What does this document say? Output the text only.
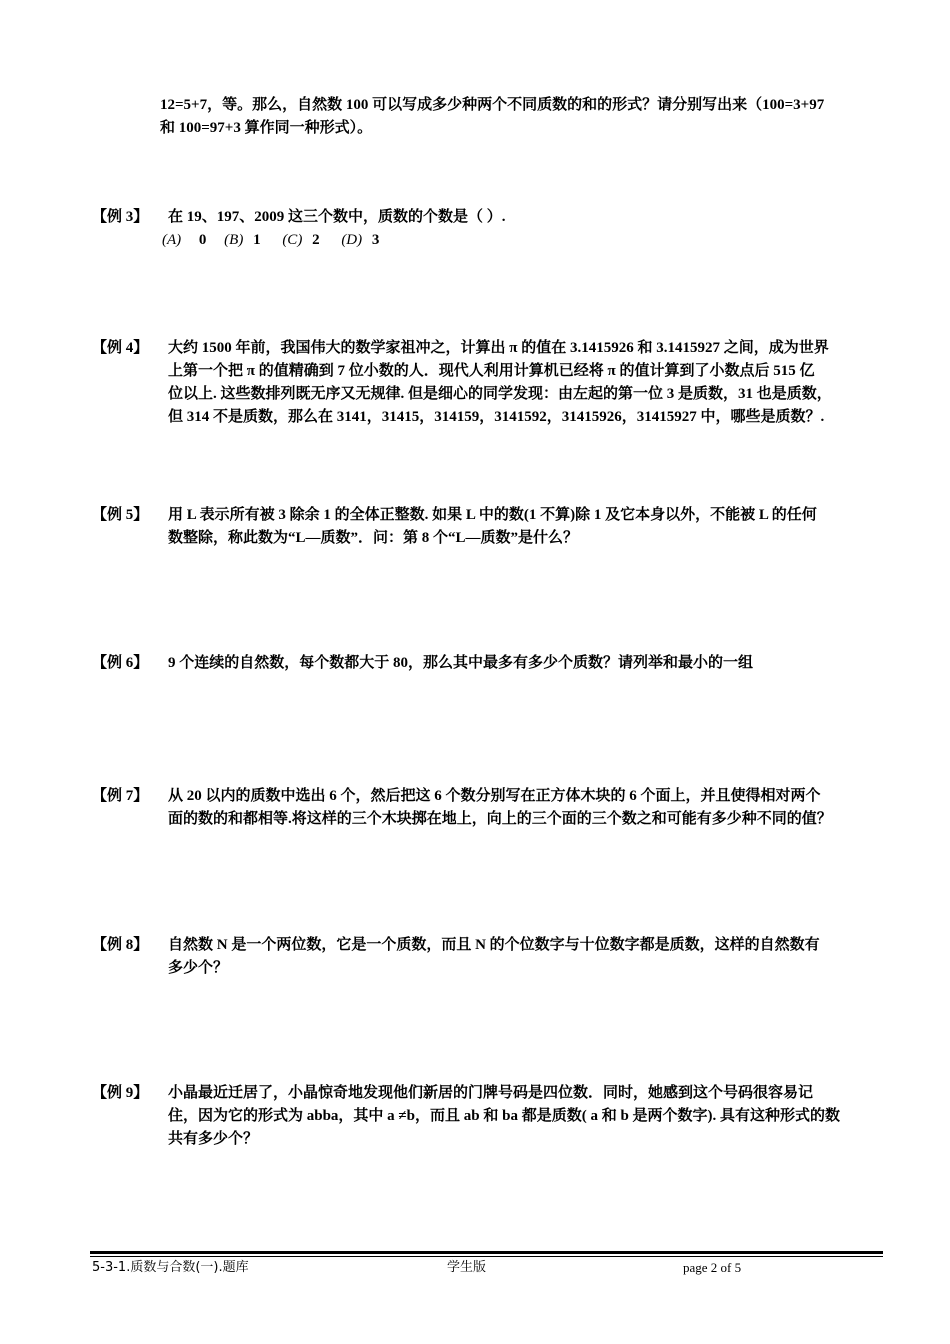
12=5+7，等。那么，自然数 100 可以写成多少种两个不同质数的和的形式？请分别写出来（100=3+97
和 100=97+3 算作同一种形式）。
【例 3】 在 19、197、2009 这三个数中，质数的个数是（ ）.
(A) 0 (B) 1 (C) 2 (D) 3
【例 4】 大约 1500 年前，我国伟大的数学家祖冲之，计算出 π 的值在 3.1415926 和 3.1415927 之间，成为世界
上第一个把 π 的值精确到 7 位小数的人．现代人利用计算机已经将 π 的值计算到了小数点后 515 亿
位以上. 这些数排列既无序又无规律. 但是细心的同学发现：由左起的第一位 3 是质数，31 也是质数，
但 314 不是质数，那么在 3141，31415，314159，3141592，31415926，31415927 中，哪些是质数？.
【例 5】 用 L 表示所有被 3 除余 1 的全体正整数. 如果 L 中的数(1 不算)除 1 及它本身以外，不能被 L 的任何
数整除，称此数为“L—质数”．问：第 8 个“L—质数”是什么？
【例 6】 9 个连续的自然数，每个数都大于 80，那么其中最多有多少个质数？请列举和最小的一组
【例 7】 从 20 以内的质数中选出 6 个，然后把这 6 个数分别写在正方体木块的 6 个面上，并且使得相对两个
面的数的和都相等.将这样的三个木块掷在地上，向上的三个面的三个数之和可能有多少种不同的值？
【例 8】 自然数 N 是一个两位数，它是一个质数，而且 N 的个位数字与十位数字都是质数，这样的自然数有
多少个？
【例 9】 小晶最近迁居了，小晶惊奇地发现他们新居的门牌号码是四位数．同时，她感到这个号码很容易记
住，因为它的形式为 abba，其中 a ≠b，而且 ab 和 ba 都是质数( a 和 b 是两个数字). 具有这种形式的数
共有多少个？
5-3-1.质数与合数(一).题库	学生版	page 2 of 5
